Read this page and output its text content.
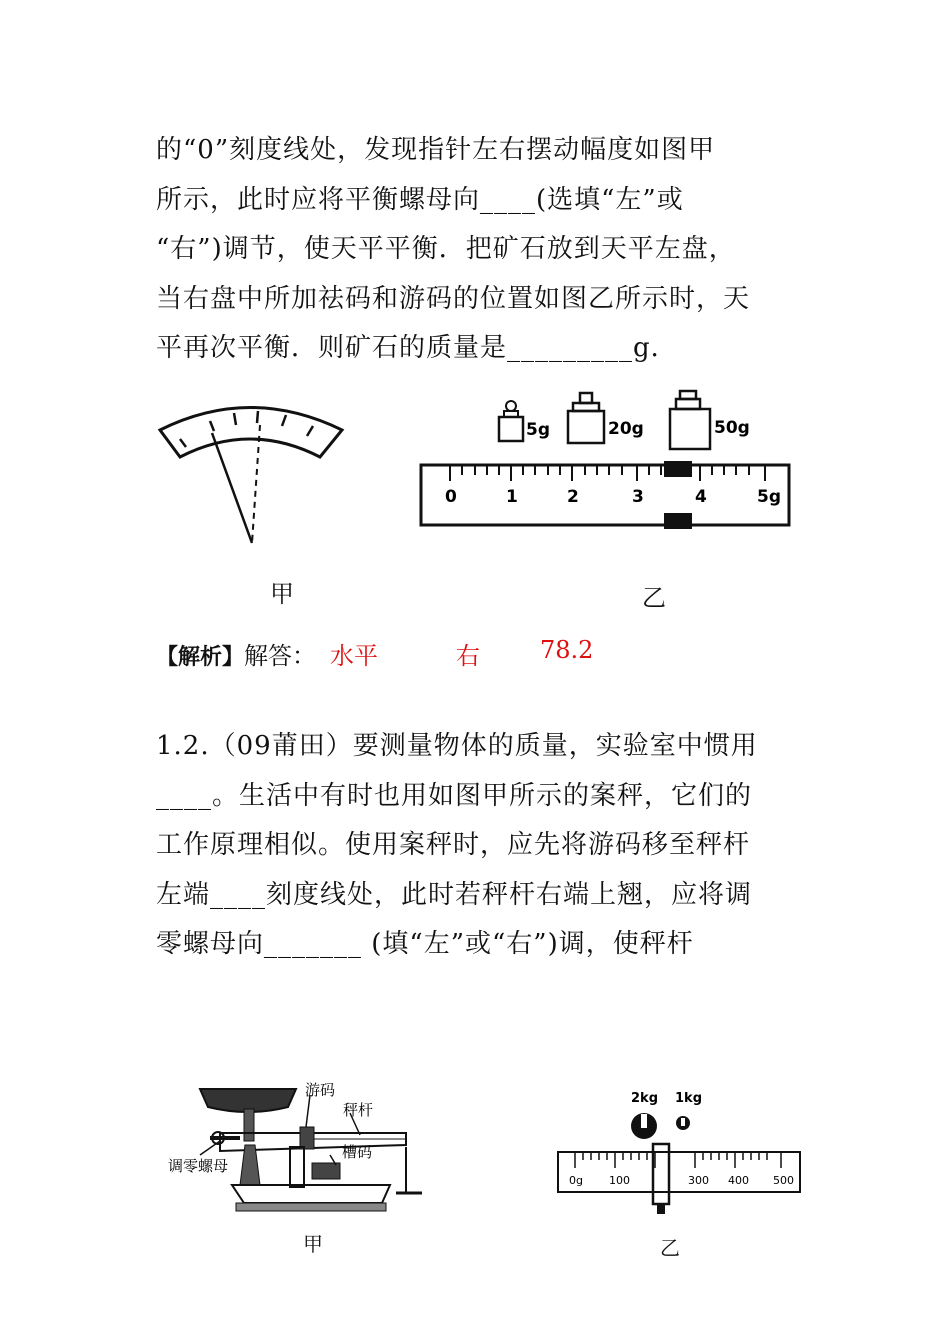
的“0”刻度线处，发现指针左右摆动幅度如图甲
所示，此时应将平衡螺母向____(选填“左”或
“右”)调节，使天平平衡．把矿石放到天平左盘，
当右盘中所加祛码和游码的位置如图乙所示时，天
平再次平衡．则矿石的质量是_________g．
甲
5g	20g	50g
0	1	2	3	4	5g
乙
【解析】解答： 水平	右	78.2
1.2.（09莆田）要测量物体的质量，实验室中惯用
____。生活中有时也用如图甲所示的案秤，它们的
工作原理相似。使用案秤时，应先将游码移至秤杆
左端____刻度线处，此时若秤杆右端上翘，应将调
零螺母向_______ (填“左”或“右”)调，使秤杆
游码
秤杆
槽码
调零螺母
甲
2kg 1kg
0g 100	300 400 500
乙
